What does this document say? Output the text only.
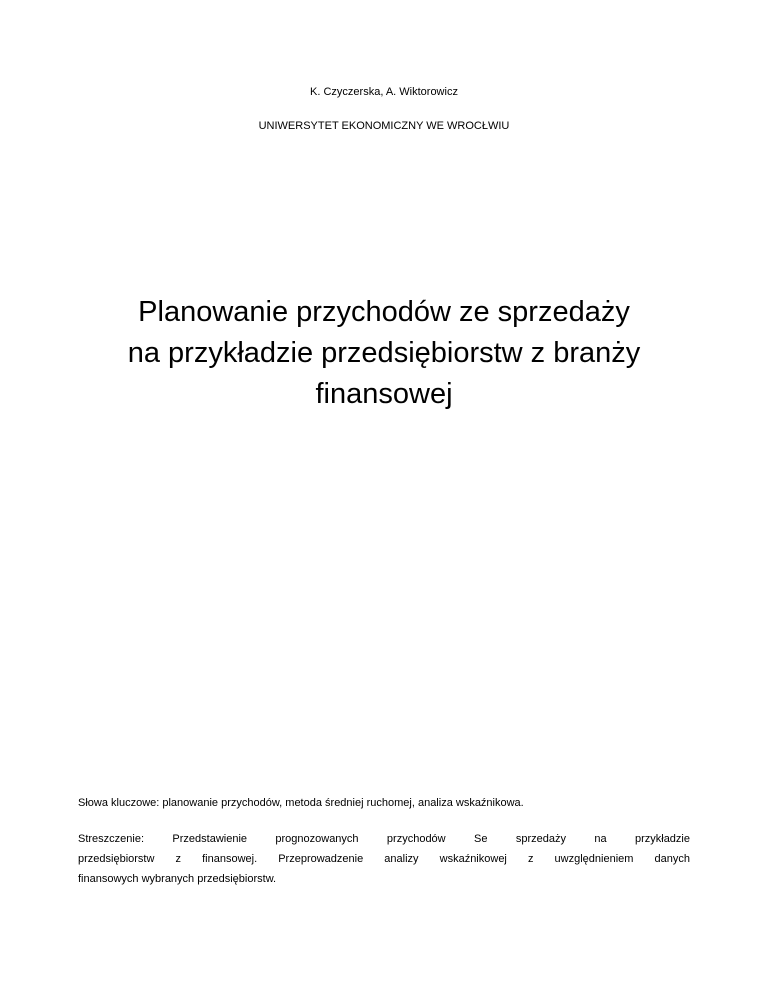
K. Czyczerska, A. Wiktorowicz
UNIWERSYTET EKONOMICZNY WE WROCŁWIU
Planowanie przychodów ze sprzedaży
na przykładzie przedsiębiorstw z branży
finansowej
Słowa kluczowe: planowanie przychodów, metoda średniej ruchomej, analiza wskaźnikowa.

Streszczenie: Przedstawienie prognozowanych przychodów Se sprzedaży na przykładzie
przedsiębiorstw z finansowej. Przeprowadzenie analizy wskaźnikowej z uwzględnieniem danych
finansowych wybranych przedsiębiorstw.
